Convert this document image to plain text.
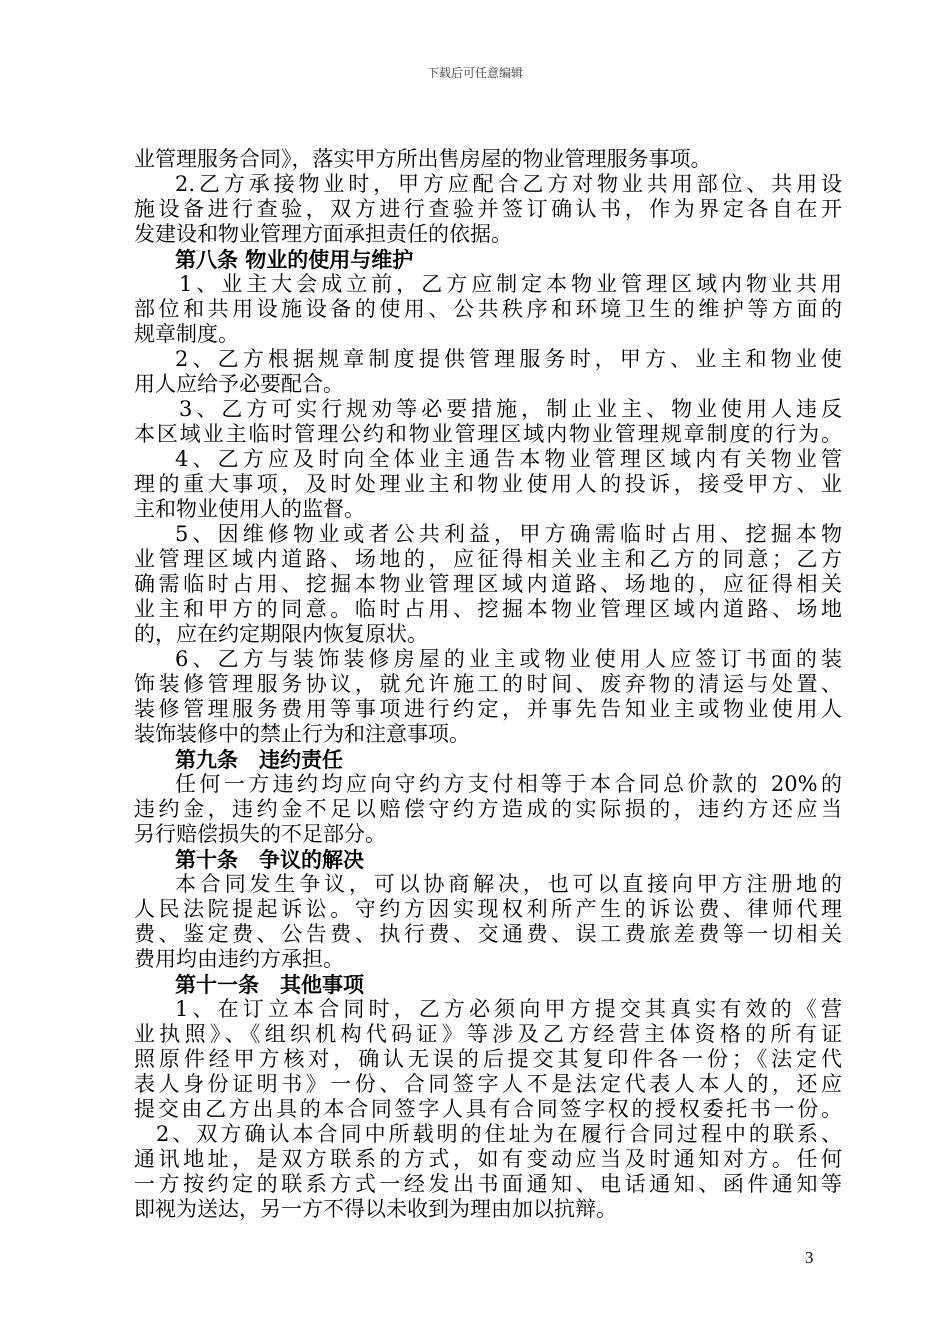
下载后可任意编辑
业管理服务合同》，落实甲方所出售房屋的物业管理服务事项。
2.乙方承接物业时，甲方应配合乙方对物业共用部位、共用设
施设备进行查验，双方进行查验并签订确认书，作为界定各自在开
发建设和物业管理方面承担责任的依据。
第八条 物业的使用与维护
1、业主大会成立前，乙方应制定本物业管理区域内物业共用
部位和共用设施设备的使用、公共秩序和环境卫生的维护等方面的
规章制度。
2、乙方根据规章制度提供管理服务时，甲方、业主和物业使
用人应给予必要配合。
3、乙方可实行规劝等必要措施，制止业主、物业使用人违反
本区域业主临时管理公约和物业管理区域内物业管理规章制度的行为。
4、乙方应及时向全体业主通告本物业管理区域内有关物业管
理的重大事项，及时处理业主和物业使用人的投诉，接受甲方、业
主和物业使用人的监督。
5、因维修物业或者公共利益，甲方确需临时占用、挖掘本物
业管理区域内道路、场地的，应征得相关业主和乙方的同意；乙方
确需临时占用、挖掘本物业管理区域内道路、场地的，应征得相关
业主和甲方的同意。临时占用、挖掘本物业管理区域内道路、场地
的，应在约定期限内恢复原状。
6、乙方与装饰装修房屋的业主或物业使用人应签订书面的装
饰装修管理服务协议，就允许施工的时间、废弃物的清运与处置、
装修管理服务费用等事项进行约定，并事先告知业主或物业使用人
装饰装修中的禁止行为和注意事项。
第九条　违约责任
任何一方违约均应向守约方支付相等于本合同总价款的 20%的
违约金，违约金不足以赔偿守约方造成的实际损的，违约方还应当
另行赔偿损失的不足部分。
第十条　争议的解决
本合同发生争议，可以协商解决，也可以直接向甲方注册地的
人民法院提起诉讼。守约方因实现权利所产生的诉讼费、律师代理
费、鉴定费、公告费、执行费、交通费、误工费旅差费等一切相关
费用均由违约方承担。
第十一条　其他事项
1、在订立本合同时，乙方必须向甲方提交其真实有效的《营
业执照》、《组织机构代码证》等涉及乙方经营主体资格的所有证
照原件经甲方核对，确认无误的后提交其复印件各一份；《法定代
表人身份证明书》一份、合同签字人不是法定代表人本人的，还应
提交由乙方出具的本合同签字人具有合同签字权的授权委托书一份。
2、双方确认本合同中所载明的住址为在履行合同过程中的联系、
通讯地址，是双方联系的方式，如有变动应当及时通知对方。任何
一方按约定的联系方式一经发出书面通知、电话通知、函件通知等
即视为送达，另一方不得以未收到为理由加以抗辩。
3
